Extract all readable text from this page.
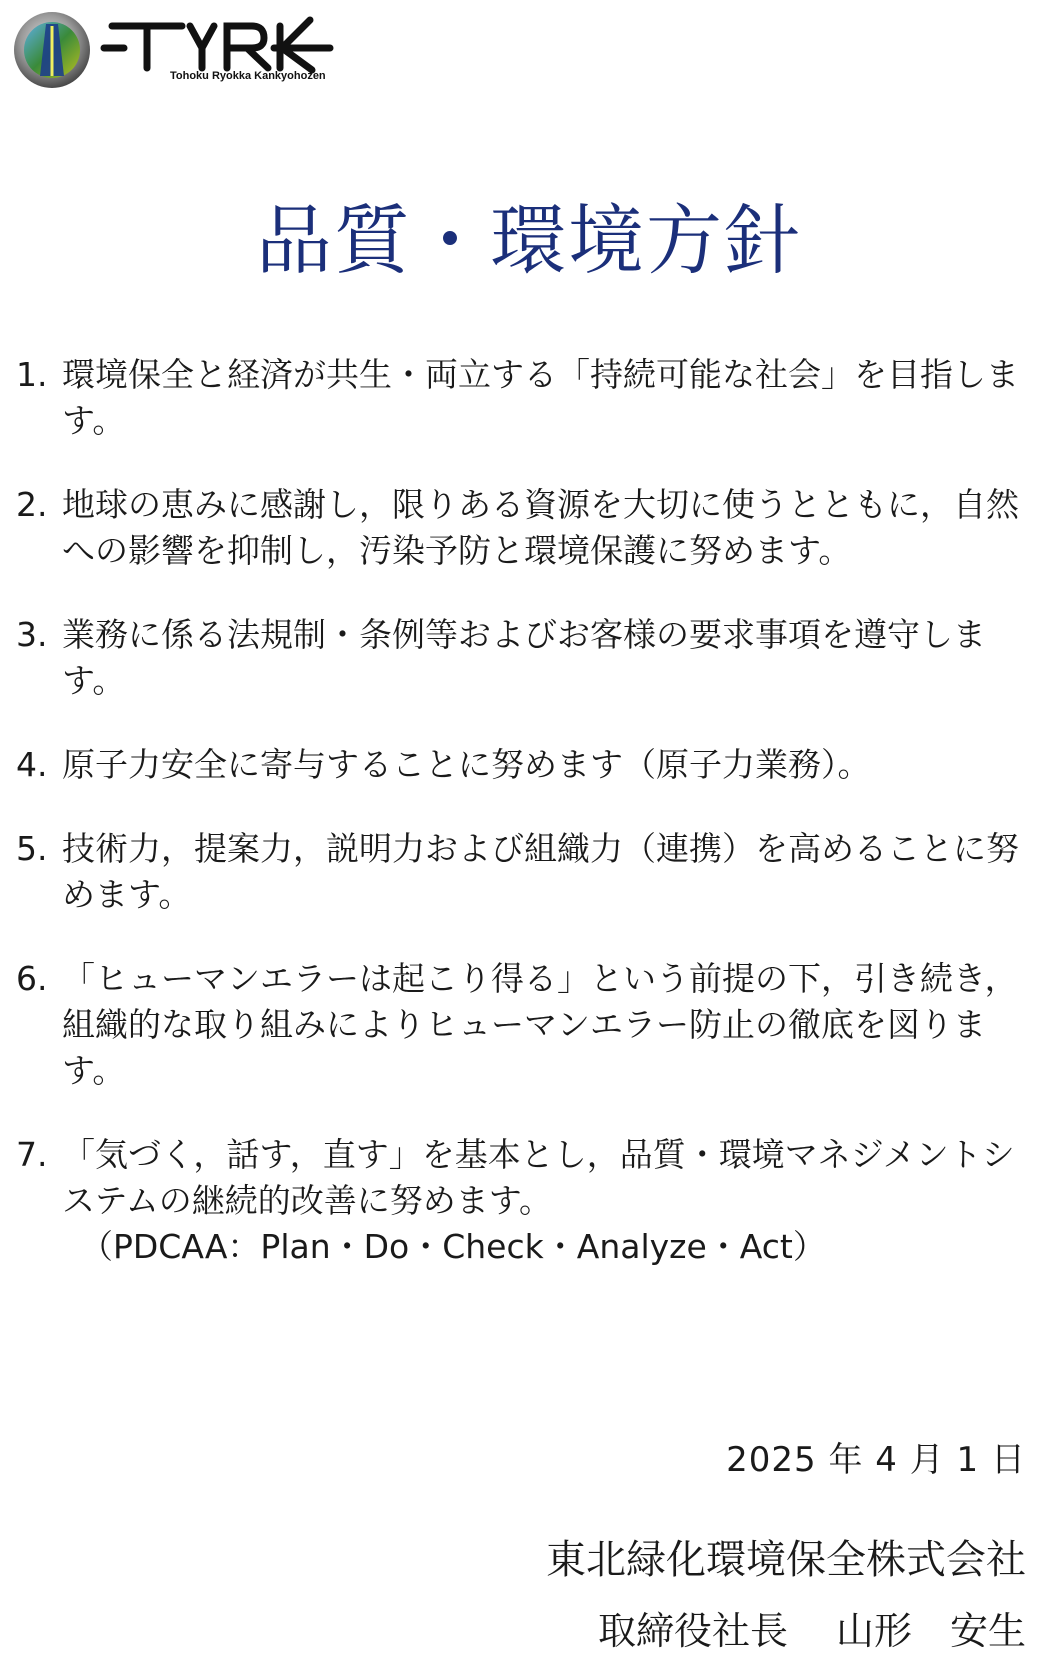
Tohoku Ryokka Kankyohozen
品質・環境方針
1. 環境保全と経済が共生・両立する「持続可能な社会」を目指します。
2. 地球の恵みに感謝し，限りある資源を大切に使うとともに，自然への影響を抑制し，汚染予防と環境保護に努めます。
3. 業務に係る法規制・条例等およびお客様の要求事項を遵守します。
4. 原子力安全に寄与することに努めます（原子力業務）。
5. 技術力，提案力，説明力および組織力（連携）を高めることに努めます。
6. 「ヒューマンエラーは起こり得る」という前提の下，引き続き，組織的な取り組みによりヒューマンエラー防止の徹底を図ります。
7. 「気づく，話す，直す」を基本とし，品質・環境マネジメントシステムの継続的改善に努めます。
（PDCAA：Plan・Do・Check・Analyze・Act）
2025 年 4 月 1 日
東北緑化環境保全株式会社
取締役社長 山形　安生
